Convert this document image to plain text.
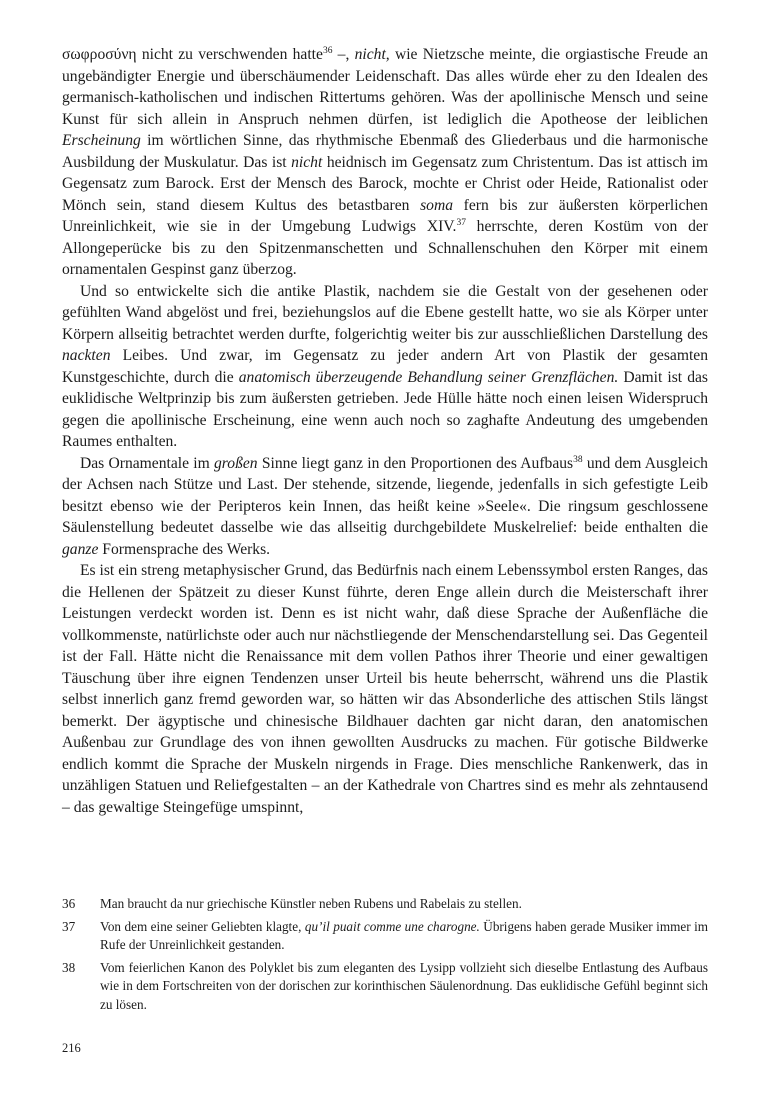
σωφροσύνη nicht zu verschwenden hatte$^{36}$ –, nicht, wie Nietzsche meinte, die orgiastische Freude an ungebändigter Energie und überschäumender Leidenschaft. Das alles würde eher zu den Idealen des germanisch-katholischen und indischen Rittertums gehören. Was der apollinische Mensch und seine Kunst für sich allein in Anspruch nehmen dürfen, ist lediglich die Apotheose der leiblichen Erscheinung im wörtlichen Sinne, das rhythmische Ebenmaß des Gliederbaus und die harmonische Ausbildung der Muskulatur. Das ist nicht heidnisch im Gegensatz zum Christentum. Das ist attisch im Gegensatz zum Barock. Erst der Mensch des Barock, mochte er Christ oder Heide, Rationalist oder Mönch sein, stand diesem Kultus des betastbaren soma fern bis zur äußersten körperlichen Unreinlichkeit, wie sie in der Umgebung Ludwigs XIV.$^{37}$ herrschte, deren Kostüm von der Allongeperücke bis zu den Spitzenmanschetten und Schnallenschuhen den Körper mit einem ornamentalen Gespinst ganz überzog.

Und so entwickelte sich die antike Plastik, nachdem sie die Gestalt von der gesehenen oder gefühlten Wand abgelöst und frei, beziehungslos auf die Ebene gestellt hatte, wo sie als Körper unter Körpern allseitig betrachtet werden durfte, folgerichtig weiter bis zur ausschließlichen Darstellung des nackten Leibes. Und zwar, im Gegensatz zu jeder andern Art von Plastik der gesamten Kunstgeschichte, durch die anatomisch überzeugende Behandlung seiner Grenzflächen. Damit ist das euklidische Weltprinzip bis zum äußersten getrieben. Jede Hülle hätte noch einen leisen Widerspruch gegen die apollinische Erscheinung, eine wenn auch noch so zaghafte Andeutung des umgebenden Raumes enthalten.

Das Ornamentale im großen Sinne liegt ganz in den Proportionen des Aufbaus$^{38}$ und dem Ausgleich der Achsen nach Stütze und Last. Der stehende, sitzende, liegende, jedenfalls in sich gefestigte Leib besitzt ebenso wie der Peripteros kein Innen, das heißt keine »Seele«. Die ringsum geschlossene Säulenstellung bedeutet dasselbe wie das allseitig durchgebildete Muskelrelief: beide enthalten die ganze Formensprache des Werks.

Es ist ein streng metaphysischer Grund, das Bedürfnis nach einem Lebenssymbol ersten Ranges, das die Hellenen der Spätzeit zu dieser Kunst führte, deren Enge allein durch die Meisterschaft ihrer Leistungen verdeckt worden ist. Denn es ist nicht wahr, daß diese Sprache der Außenfläche die vollkommenste, natürlichste oder auch nur nächstliegende der Menschendarstellung sei. Das Gegenteil ist der Fall. Hätte nicht die Renaissance mit dem vollen Pathos ihrer Theorie und einer gewaltigen Täuschung über ihre eignen Tendenzen unser Urteil bis heute beherrscht, während uns die Plastik selbst innerlich ganz fremd geworden war, so hätten wir das Absonderliche des attischen Stils längst bemerkt. Der ägyptische und chinesische Bildhauer dachten gar nicht daran, den anatomischen Außenbau zur Grundlage des von ihnen gewollten Ausdrucks zu machen. Für gotische Bildwerke endlich kommt die Sprache der Muskeln nirgends in Frage. Dies menschliche Rankenwerk, das in unzähligen Statuen und Reliefgestalten – an der Kathedrale von Chartres sind es mehr als zehntausend – das gewaltige Steingefüge umspinnt,

36	Man braucht da nur griechische Künstler neben Rubens und Rabelais zu stellen.
37	Von dem eine seiner Geliebten klagte, qu’il puait comme une charogne. Übrigens haben gerade Musiker immer im Rufe der Unreinlichkeit gestanden.
38	Vom feierlichen Kanon des Polyklet bis zum eleganten des Lysipp vollzieht sich dieselbe Entlastung des Aufbaus wie in dem Fortschreiten von der dorischen zur korinthischen Säulenordnung. Das euklidische Gefühl beginnt sich zu lösen.
216
